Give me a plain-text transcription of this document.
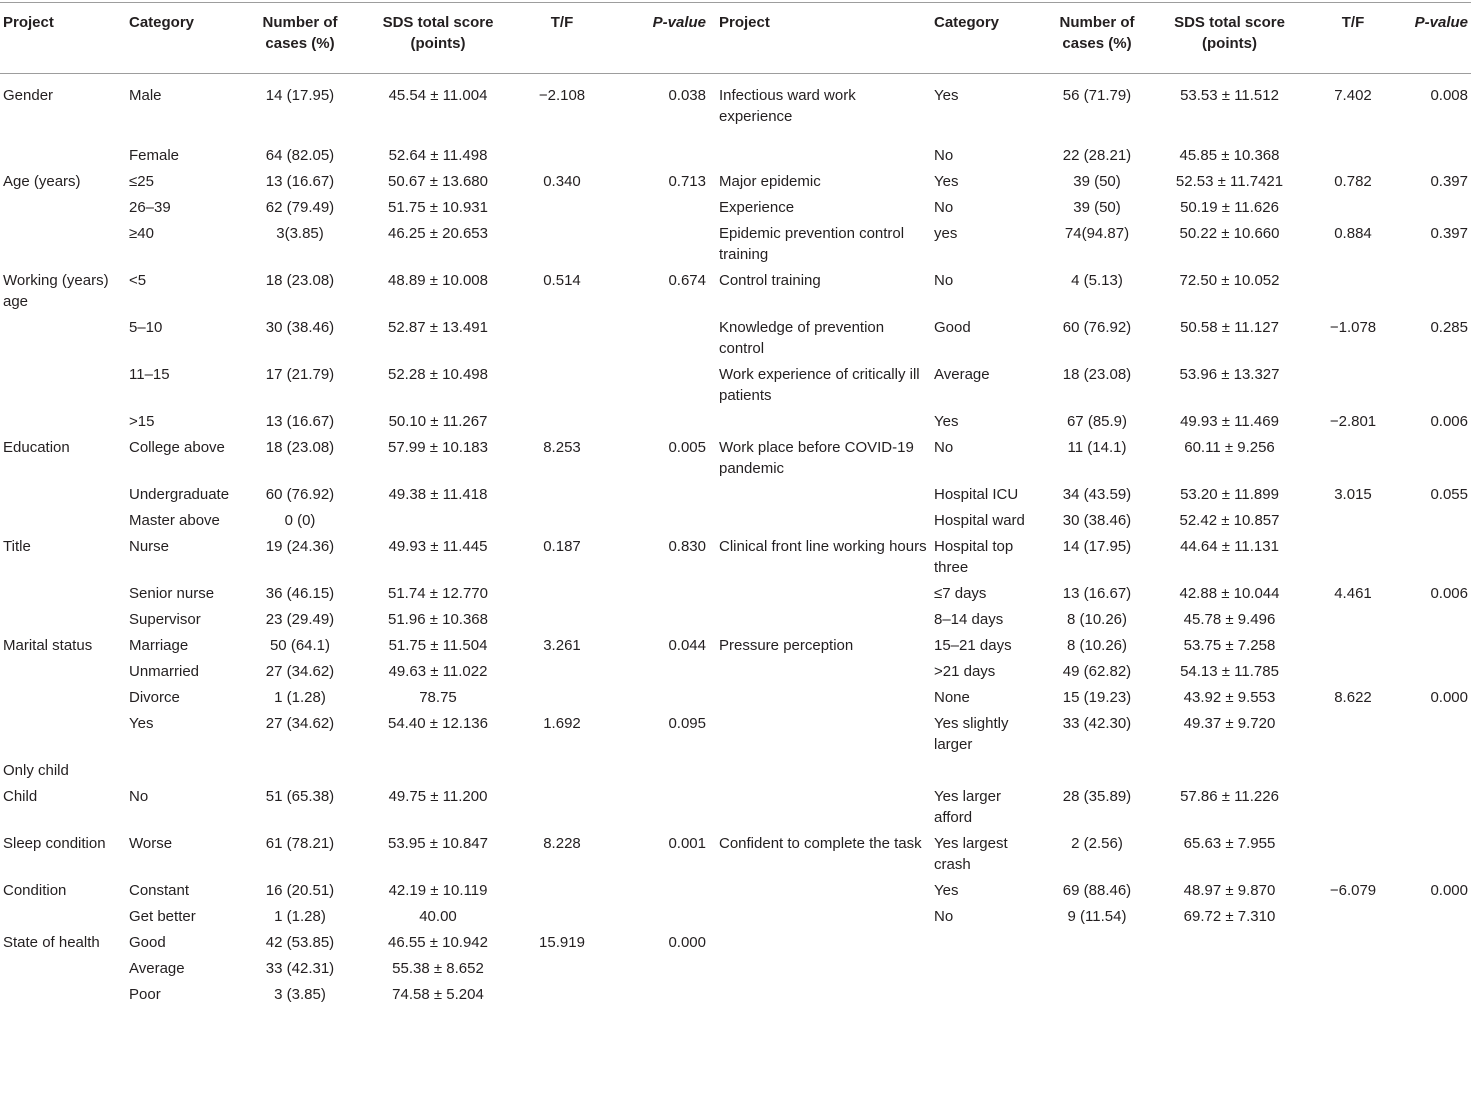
Project	Category	Number of cases (%)	SDS total score (points)	T/F	P-value	Project	Category	Number of cases (%)	SDS total score (points)	T/F	P-value
Gender	Male	14 (17.95)	45.54 ± 11.004	−2.108	0.038	Infectious ward work experience	Yes	56 (71.79)	53.53 ± 11.512	7.402	0.008
	Female	64 (82.05)	52.64 ± 11.498				No	22 (28.21)	45.85 ± 10.368		
Age (years)	≤25	13 (16.67)	50.67 ± 13.680	0.340	0.713	Major epidemic	Yes	39 (50)	52.53 ± 11.7421	0.782	0.397
	26–39	62 (79.49)	51.75 ± 10.931			Experience	No	39 (50)	50.19 ± 11.626		
	≥40	3(3.85)	46.25 ± 20.653			Epidemic prevention control training	yes	74(94.87)	50.22 ± 10.660	0.884	0.397
Working (years) age	<5	18 (23.08)	48.89 ± 10.008	0.514	0.674	Control training	No	4 (5.13)	72.50 ± 10.052		
	5–10	30 (38.46)	52.87 ± 13.491			Knowledge of prevention control	Good	60 (76.92)	50.58 ± 11.127	−1.078	0.285
	11–15	17 (21.79)	52.28 ± 10.498			Work experience of critically ill patients	Average	18 (23.08)	53.96 ± 13.327		
	>15	13 (16.67)	50.10 ± 11.267				Yes	67 (85.9)	49.93 ± 11.469	−2.801	0.006
Education	College above	18 (23.08)	57.99 ± 10.183	8.253	0.005	Work place before COVID-19 pandemic	No	11 (14.1)	60.11 ± 9.256		
	Undergraduate	60 (76.92)	49.38 ± 11.418				Hospital ICU	34 (43.59)	53.20 ± 11.899	3.015	0.055
	Master above	0 (0)					Hospital ward	30 (38.46)	52.42 ± 10.857		
Title	Nurse	19 (24.36)	49.93 ± 11.445	0.187	0.830	Clinical front line working hours	Hospital top three	14 (17.95)	44.64 ± 11.131		
	Senior nurse	36 (46.15)	51.74 ± 12.770				≤7 days	13 (16.67)	42.88 ± 10.044	4.461	0.006
	Supervisor	23 (29.49)	51.96 ± 10.368				8–14 days	8 (10.26)	45.78 ± 9.496		
Marital status	Marriage	50 (64.1)	51.75 ± 11.504	3.261	0.044	Pressure perception	15–21 days	8 (10.26)	53.75 ± 7.258		
	Unmarried	27 (34.62)	49.63 ± 11.022				>21 days	49 (62.82)	54.13 ± 11.785		
	Divorce	1 (1.28)	78.75				None	15 (19.23)	43.92 ± 9.553	8.622	0.000
	Yes	27 (34.62)	54.40 ± 12.136	1.692	0.095		Yes slightly larger	33 (42.30)	49.37 ± 9.720		
Only child											
Child	No	51 (65.38)	49.75 ± 11.200				Yes larger afford	28 (35.89)	57.86 ± 11.226		
Sleep condition	Worse	61 (78.21)	53.95 ± 10.847	8.228	0.001	Confident to complete the task	Yes largest crash	2 (2.56)	65.63 ± 7.955		
Condition	Constant	16 (20.51)	42.19 ± 10.119				Yes	69 (88.46)	48.97 ± 9.870	−6.079	0.000
	Get better	1 (1.28)	40.00				No	9 (11.54)	69.72 ± 7.310		
State of health	Good	42 (53.85)	46.55 ± 10.942	15.919	0.000						
	Average	33 (42.31)	55.38 ± 8.652								
	Poor	3 (3.85)	74.58 ± 5.204								
